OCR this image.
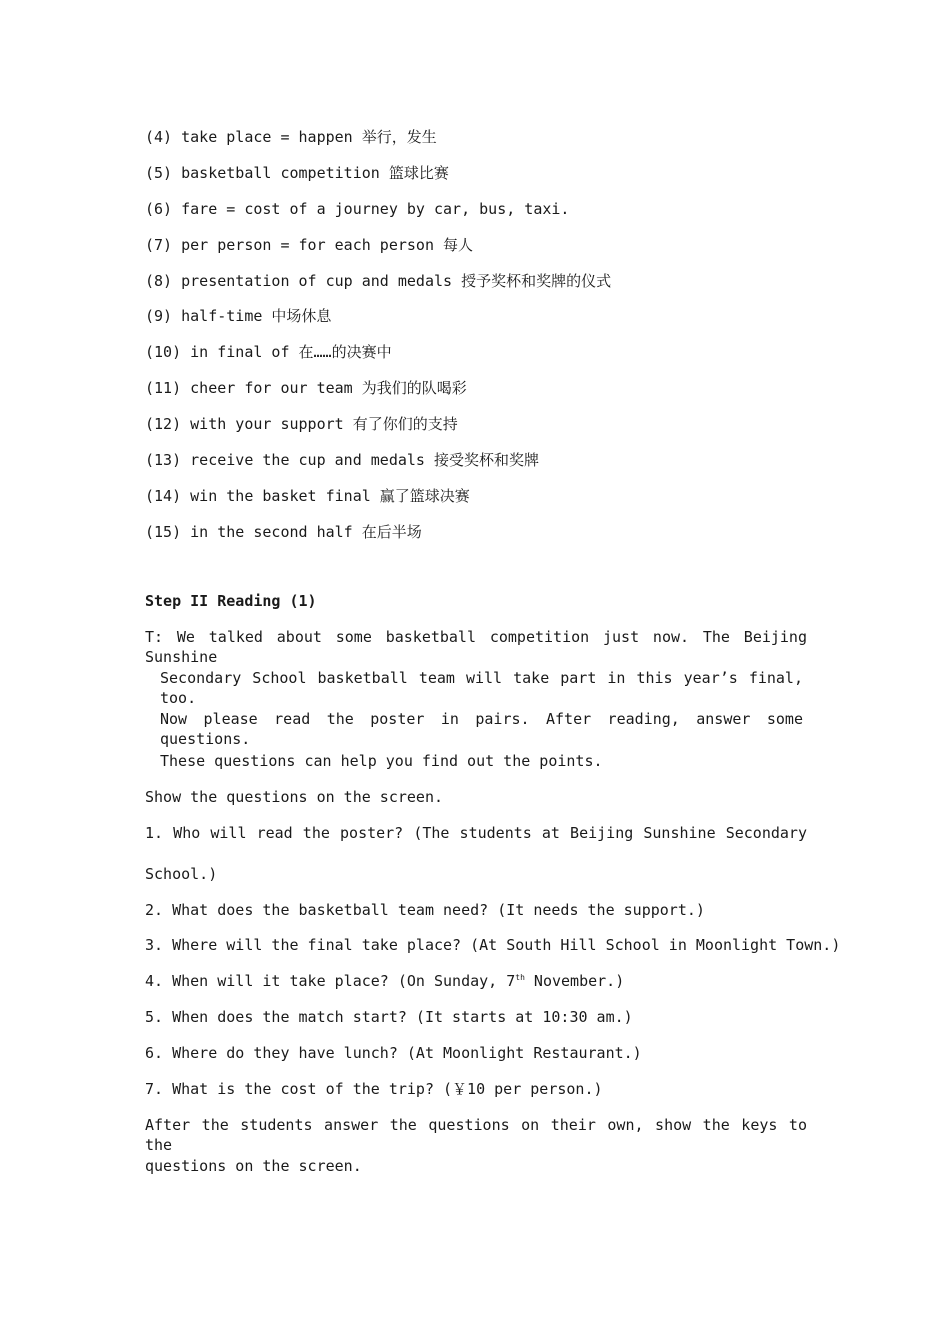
(4) take place = happen 举行，发生
(5) basketball competition 篮球比赛
(6) fare = cost of a journey by car, bus, taxi.
(7) per person = for each person 每人
(8) presentation of cup and medals 授予奖杯和奖牌的仪式
(9) half-time 中场休息
(10) in final of 在……的决赛中
(11) cheer for our team 为我们的队喝彩
(12) with your support 有了你们的支持
(13) receive the cup and medals 接受奖杯和奖牌
(14) win the basket final 赢了篮球决赛
(15) in the second half 在后半场
Step II Reading (1)
T: We talked about some basketball competition just now. The Beijing Sunshine
Secondary School basketball team will take part in this year’s final, too.
Now please read the poster in pairs. After reading, answer some questions.
These questions can help you find out the points.
Show the questions on the screen.
1. Who will read the poster? (The students at Beijing Sunshine Secondary
School.)
2. What does the basketball team need? (It needs the support.)
3. Where will the final take place? (At South Hill School in Moonlight Town.)
4. When will it take place? (On Sunday, 7th November.)
5. When does the match start? (It starts at 10:30 am.)
6. Where do they have lunch? (At Moonlight Restaurant.)
7. What is the cost of the trip? (￥10 per person.)
After the students answer the questions on their own, show the keys to the
questions on the screen.
